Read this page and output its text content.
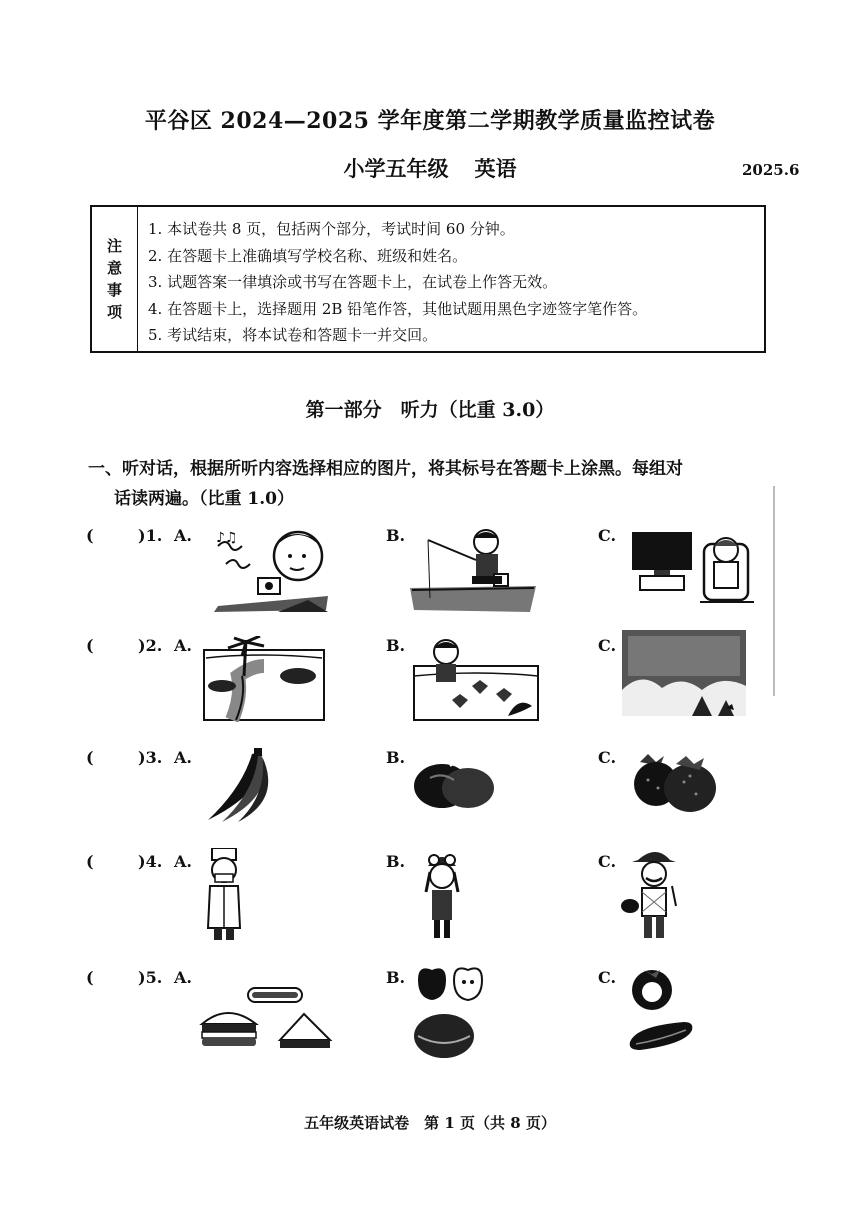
平谷区 2024—2025 学年度第二学期教学质量监控试卷
小学五年级 英语	2025.6
注
意
事
项
1. 本试卷共 8 页，包括两个部分，考试时间 60 分钟。
2. 在答题卡上准确填写学校名称、班级和姓名。
3. 试题答案一律填涂或书写在答题卡上，在试卷上作答无效。
4. 在答题卡上，选择题用 2B 铅笔作答，其他试题用黑色字迹签字笔作答。
5. 考试结束，将本试卷和答题卡一并交回。
第一部分　听力（比重 3.0）
一、听对话，根据所听内容选择相应的图片，将其标号在答题卡上涂黑。每组对
话读两遍。（比重 1.0）
(	)1. A.	B.	C.
♪♫
(	)2. A.	B.	C.
(	)3. A.	B.	C.
(	)4. A.	B.	C.
(	)5. A.	B.	C.
五年级英语试卷　第 1 页（共 8 页）
